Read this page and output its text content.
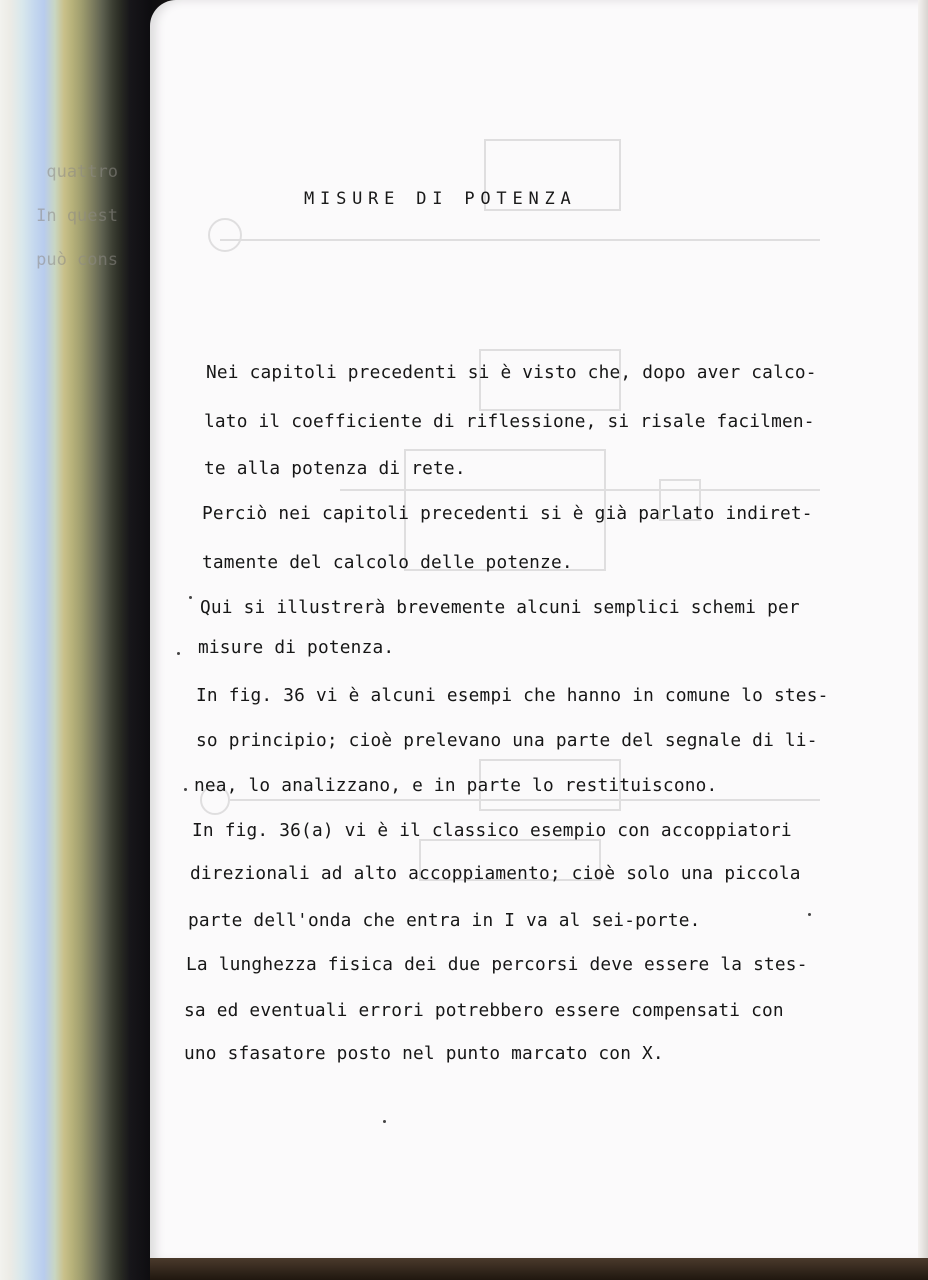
quattro
In quest
può cons
MISURE DI POTENZA
Nei capitoli precedenti si è visto che, dopo aver calco-
lato il coefficiente di riflessione, si risale facilmen-
te alla potenza di rete.
Perciò nei capitoli precedenti si è già parlato indiret-
tamente del calcolo delle potenze.
Qui si illustrerà brevemente alcuni semplici schemi per
misure di potenza.
In fig. 36 vi è alcuni esempi che hanno in comune lo stes-
so principio; cioè prelevano una parte del segnale di li-
nea, lo analizzano, e in parte lo restituiscono.
In fig. 36(a) vi è il classico esempio con accoppiatori
direzionali ad alto accoppiamento; cioè solo una piccola
parte dell'onda che entra in I va al sei-porte.
La lunghezza fisica dei due percorsi deve essere la stes-
sa ed eventuali errori potrebbero essere compensati con
uno sfasatore posto nel punto marcato con X.
